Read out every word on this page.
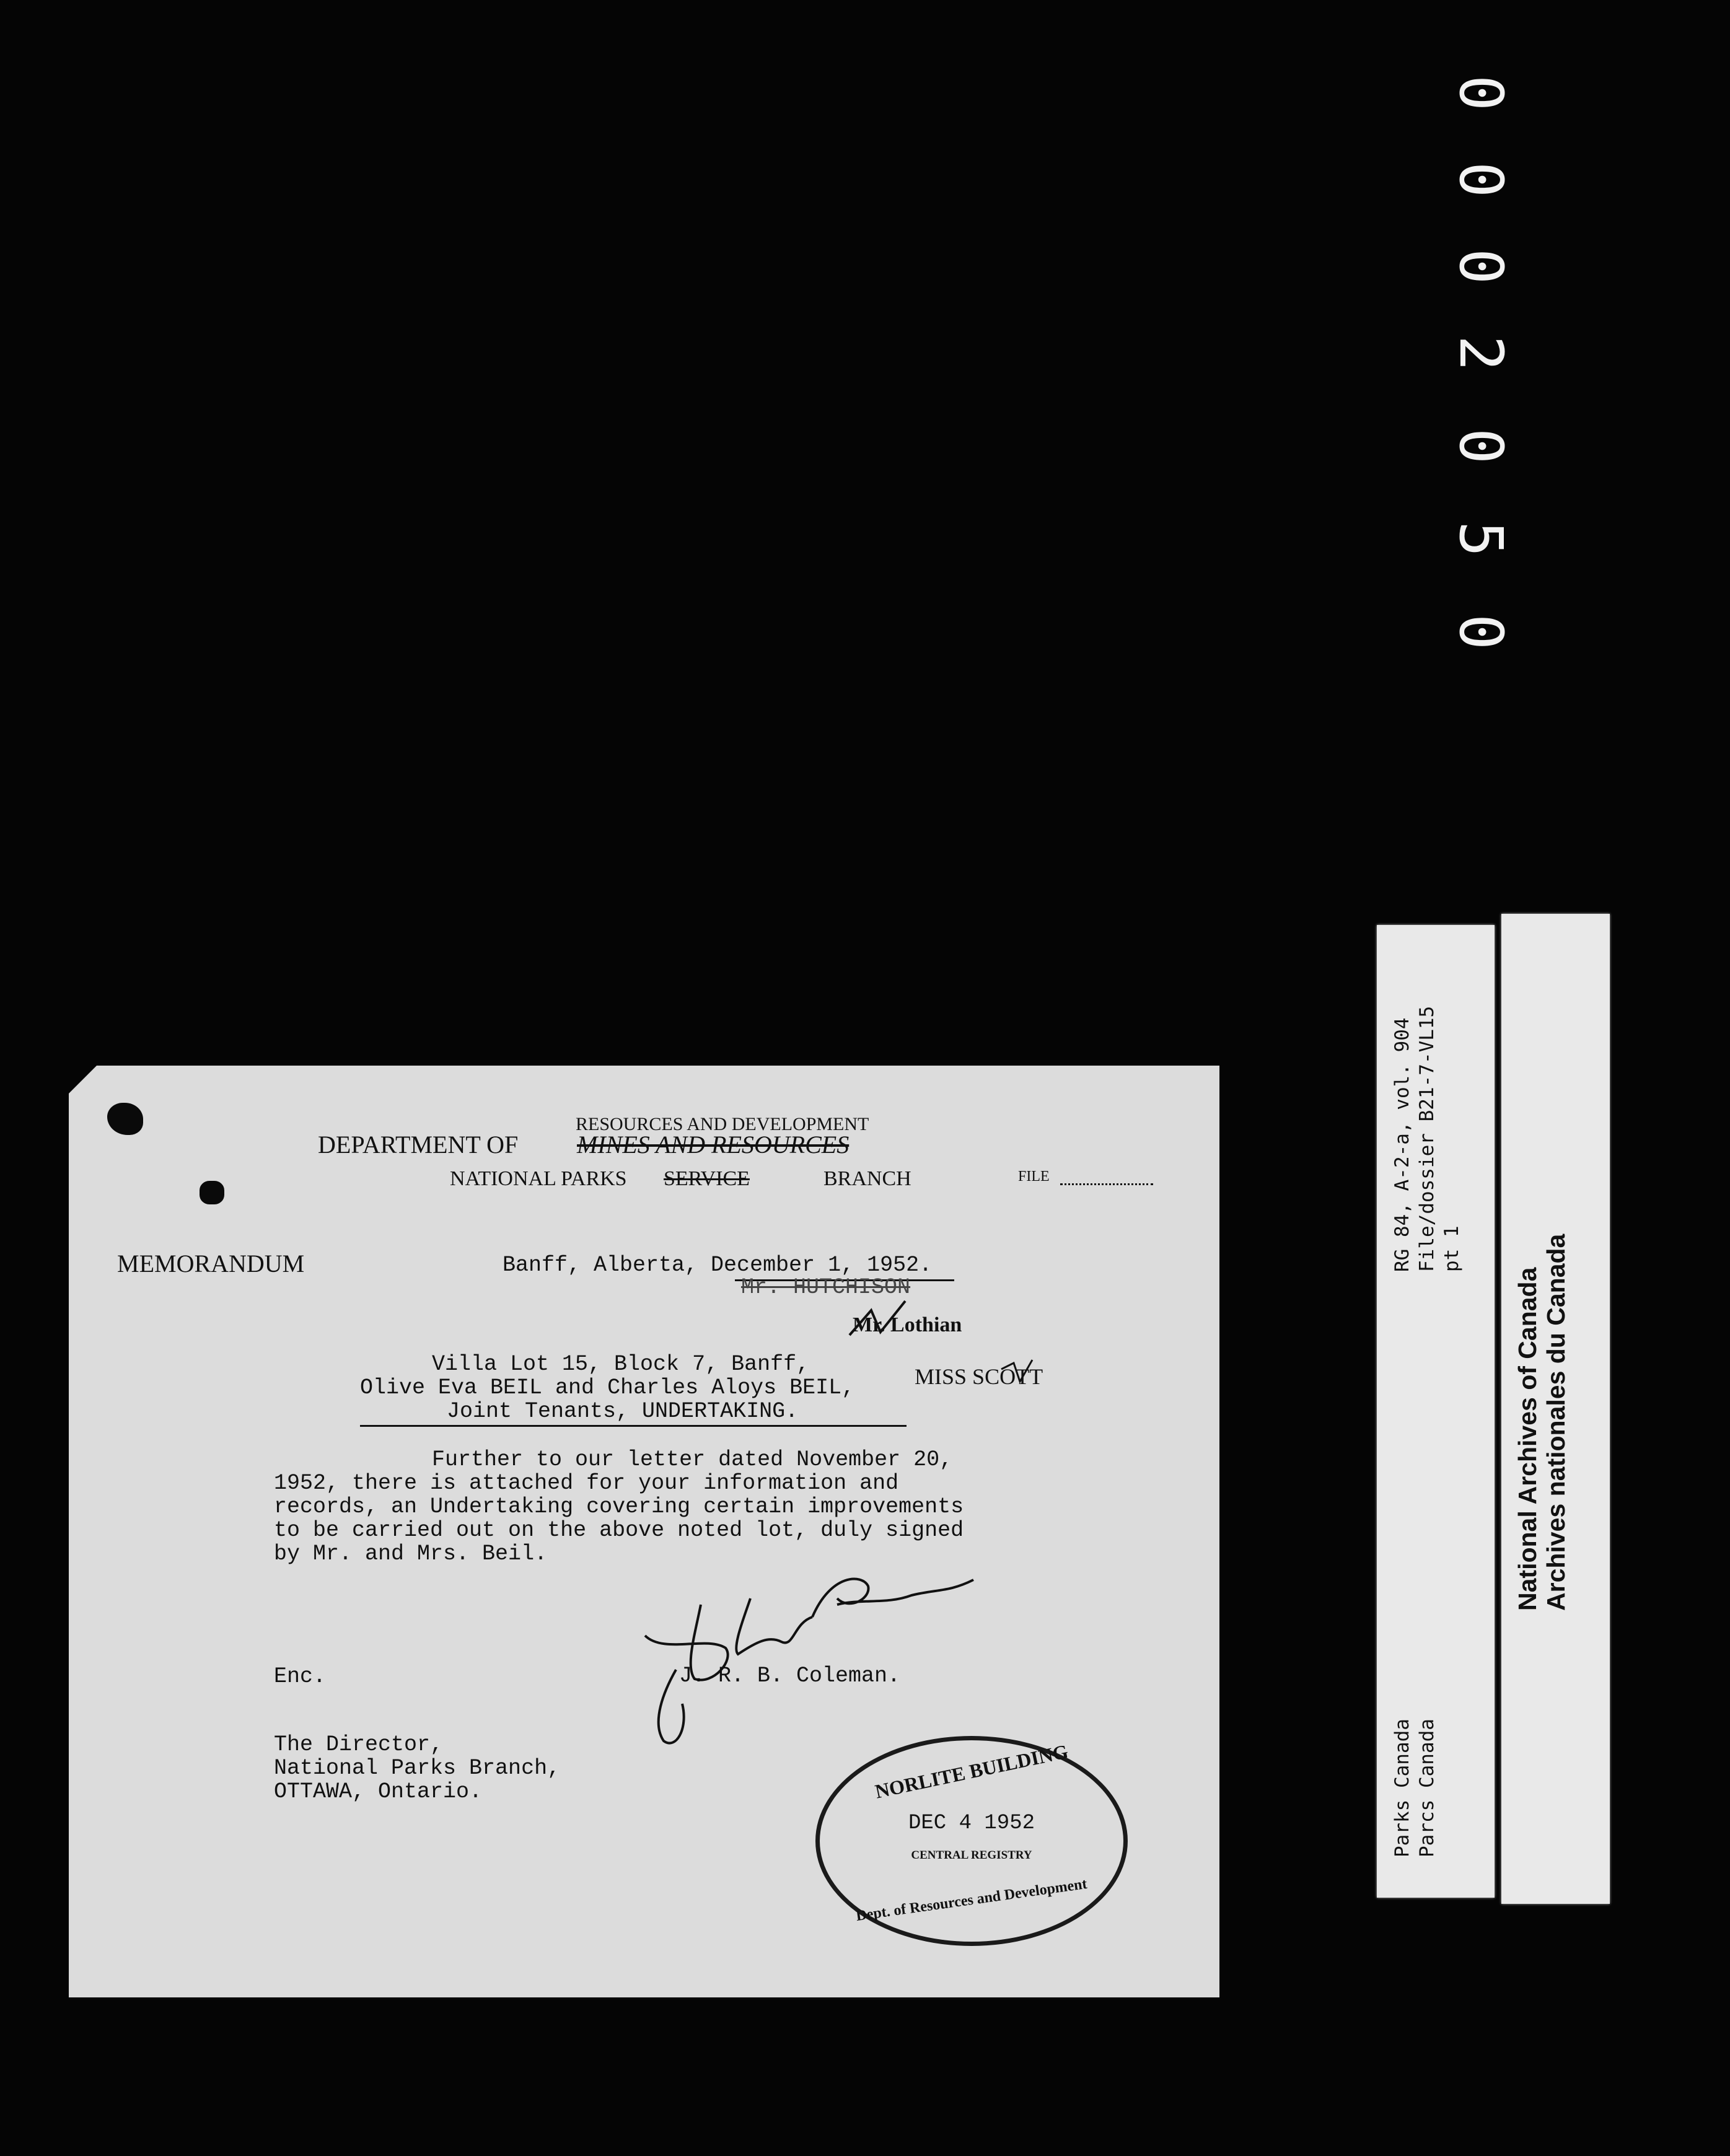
0
0
0
2
0
5
0
RG 84, A-2-a, vol. 904 File/dossier B21-7-VL15 pt 1
Parks Canada Parcs Canada
National Archives of Canada Archives nationales du Canada
RESOURCES AND DEVELOPMENT
DEPARTMENT OF MINES AND RESOURCES
NATIONAL PARKS SERVICE	BRANCH	FILE
MEMORANDUM	Banff, Alberta, December 1, 1952.
Mr. HUTCHISON
Mr. Lothian
MISS SCOTT
Villa Lot 15, Block 7, Banff,
Olive Eva BEIL and Charles Aloys BEIL,
Joint Tenants, UNDERTAKING.
Further to our letter dated November 20,
1952, there is attached for your information and
records, an Undertaking covering certain improvements
to be carried out on the above noted lot, duly signed
by Mr. and Mrs. Beil.
J. R. B. Coleman.
Enc.
The Director,
National Parks Branch,
OTTAWA, Ontario.	NORLITE BUILDING
DEC 4 1952
CENTRAL REGISTRY
Dept. of Resources and Development
